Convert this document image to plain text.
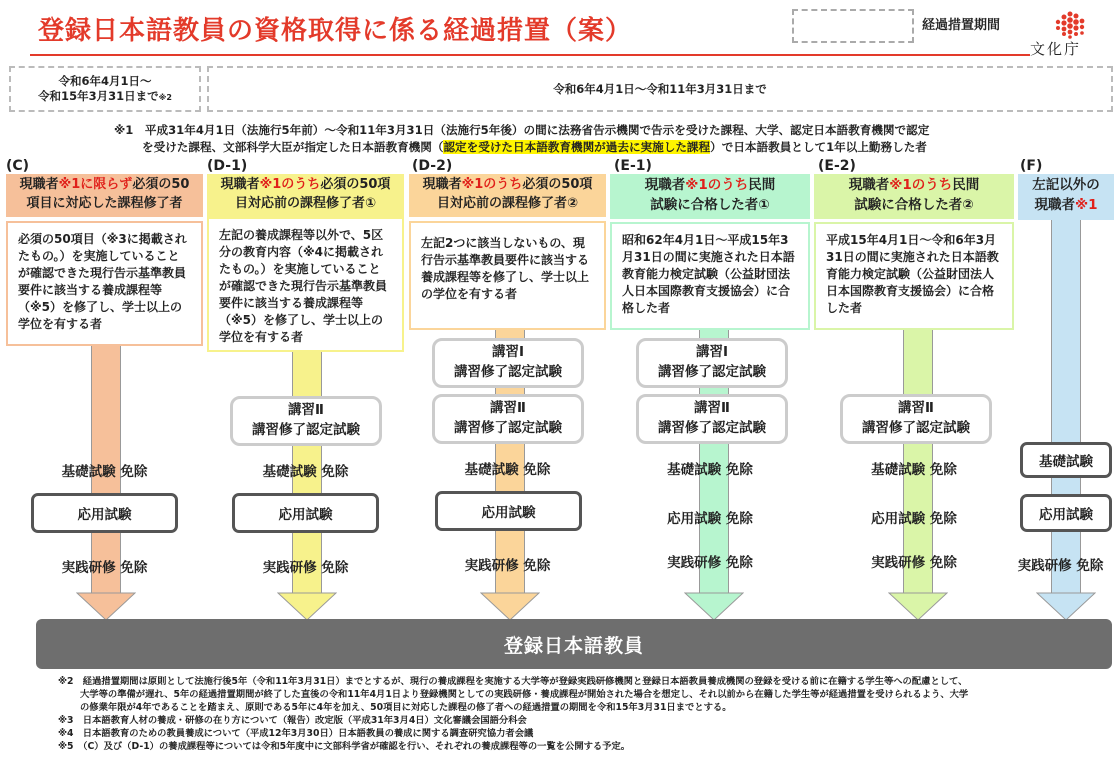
登録日本語教員の資格取得に係る経過措置（案）	経過措置期間
文化庁
令和6年4月1日～
令和15年3月31日まで※2
令和6年4月1日～令和11年3月31日まで
※1　平成31年4月1日（法施行5年前）～令和11年3月31日（法施行5年後）の間に法務省告示機関で告示を受けた課程、大学、認定日本語教育機関で認定
を受けた課程、文部科学大臣が指定した日本語教育機関（認定を受けた日本語教育機関が過去に実施した課程）で日本語教員として1年以上勤務した者
(C)
現職者※1に限らず必須の50
項目に対応した課程修了者
必須の50項目（※3に掲載されたもの。）を実施していることが確認できた現行告示基準教員要件に該当する養成課程等（※5）を修了し、学士以上の学位を有する者
基礎試験 免除
応用試験
実践研修 免除
(D-1)
現職者※1のうち必須の50項
目対応前の課程修了者①
左記の養成課程等以外で、5区分の教育内容（※4に掲載されたもの。）を実施していることが確認できた現行告示基準教員要件に該当する養成課程等（※5）を修了し、学士以上の学位を有する者
講習Ⅱ
講習修了認定試験
基礎試験 免除
応用試験
実践研修 免除
(D-2)
現職者※1のうち必須の50項
目対応前の課程修了者②
左記2つに該当しないもの、現行告示基準教員要件に該当する養成課程等を修了し、学士以上の学位を有する者
講習Ⅰ
講習修了認定試験
講習Ⅱ
講習修了認定試験
基礎試験 免除
応用試験
実践研修 免除
(E-1)
現職者※1のうち民間
試験に合格した者①
昭和62年4月1日～平成15年3月31日の間に実施された日本語教育能力検定試験（公益財団法人日本国際教育支援協会）に合格した者
講習Ⅰ
講習修了認定試験
講習Ⅱ
講習修了認定試験
基礎試験 免除
応用試験 免除
実践研修 免除
(E-2)
現職者※1のうち民間
試験に合格した者②
平成15年4月1日～令和6年3月31日の間に実施された日本語教育能力検定試験（公益財団法人日本国際教育支援協会）に合格した者
講習Ⅱ
講習修了認定試験
基礎試験 免除
応用試験 免除
実践研修 免除
(F)
左記以外の
現職者※1
基礎試験
応用試験
実践研修 免除
登録日本語教員
※2　経過措置期間は原則として法施行後5年（令和11年3月31日）までとするが、現行の養成課程を実施する大学等が登録実践研修機関と登録日本語教員養成機関の登録を受ける前に在籍する学生等への配慮として、
大学等の準備が遅れ、5年の経過措置期間が終了した直後の令和11年4月1日より登録機関としての実践研修・養成課程が開始された場合を想定し、それ以前から在籍した学生等が経過措置を受けられるよう、大学
の修業年限が4年であることを踏まえ、原則である5年に4年を加え、50項目に対応した課程の修了者への経過措置の期間を令和15年3月31日までとする。
※3　日本語教育人材の養成・研修の在り方について（報告）改定版（平成31年3月4日）文化審議会国語分科会
※4　日本語教育のための教員養成について（平成12年3月30日）日本語教員の養成に関する調査研究協力者会議
※5　（C）及び（D-1）の養成課程等については令和5年度中に文部科学省が確認を行い、それぞれの養成課程等の一覧を公開する予定。
